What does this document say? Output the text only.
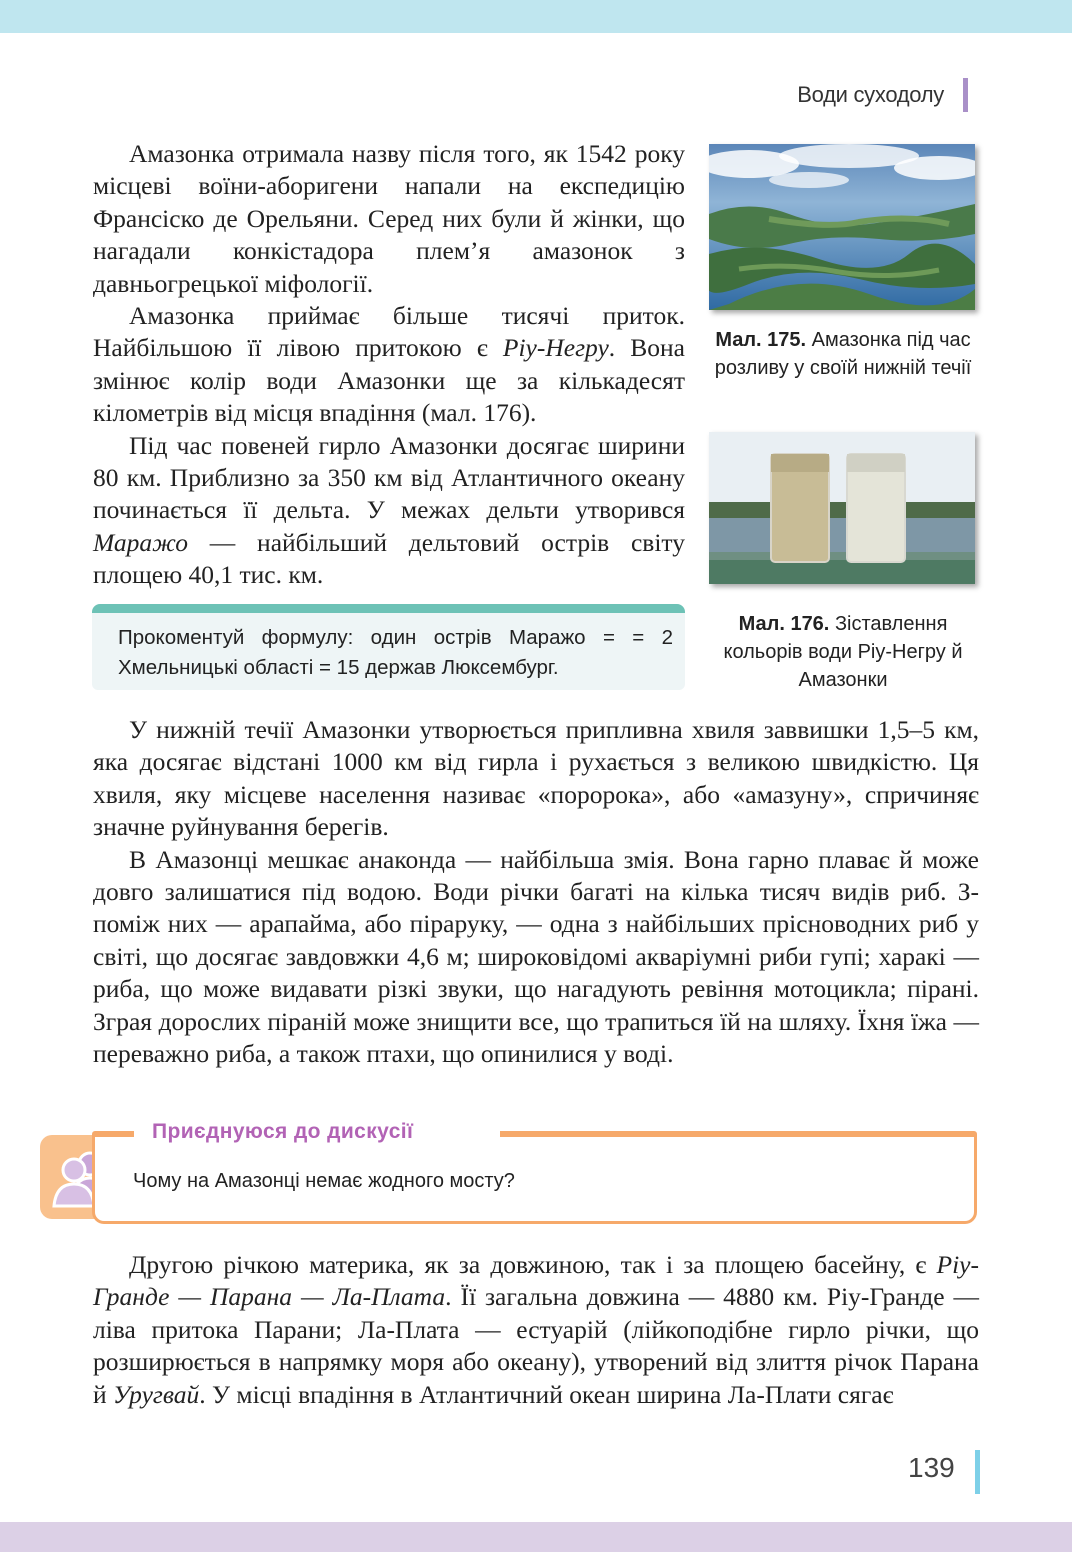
Води суходолу

Амазонка отримала назву після того, як 1542 року місцеві воїни-аборигени напали на експедицію Франсіско де Орельяни. Серед них були й жінки, що нагадали конкістадора плем’я амазонок з давньогрецької міфології.

Амазонка приймає більше тисячі приток. Найбільшою її лівою притокою є Ріу-Негру. Вона змінює колір води Амазонки ще за кількадесят кілометрів від місця впадіння (мал. 176).

Під час повеней гирло Амазонки досягає ширини 80 км. Приблизно за 350 км від Атлантичного океану починається її дельта. У межах дельти утворився Маражо — найбільший дельтовий острів світу площею 40,1 тис. км.

Мал. 175. Амазонка під час розливу у своїй нижній течії
Мал. 176. Зіставлення кольорів води Ріу-Негру й Амазонки
Прокоментуй формулу: один острів Маражо = = 2 Хмельницькі області = 15 держав Люксембург.

У нижній течії Амазонки утворюється припливна хвиля заввишки 1,5–5 км, яка досягає відстані 1000 км від гирла і рухається з великою швидкістю. Ця хвиля, яку місцеве населення називає «поророка», або «амазуну», спричиняє значне руйнування берегів.

В Амазонці мешкає анаконда — найбільша змія. Вона гарно плаває й може довго залишатися під водою. Води річки багаті на кілька тисяч видів риб. З-поміж них — арапайма, або піраруку, — одна з найбільших прісноводних риб у світі, що досягає завдовжки 4,6 м; широковідомі акваріумні риби гупі; харакі — риба, що може видавати різкі звуки, що нагадують ревіння мотоцикла; пірані. Зграя дорослих піраній може знищити все, що трапиться їй на шляху. Їхня їжа — переважно риба, а також птахи, що опинилися у воді.

Приєднуюся до дискусії
Чому на Амазонці немає жодного мосту?

Другою річкою материка, як за довжиною, так і за площею басейну, є Ріу-Гранде — Парана — Ла-Плата. Її загальна довжина — 4880 км. Ріу-Гранде — ліва притока Парани; Ла-Плата — естуарій (лійкоподібне гирло річки, що розширюється в напрямку моря або океану), утворений від злиття річок Парана й Уругвай. У місці впадіння в Атлантичний океан ширина Ла-Плати сягає

139
